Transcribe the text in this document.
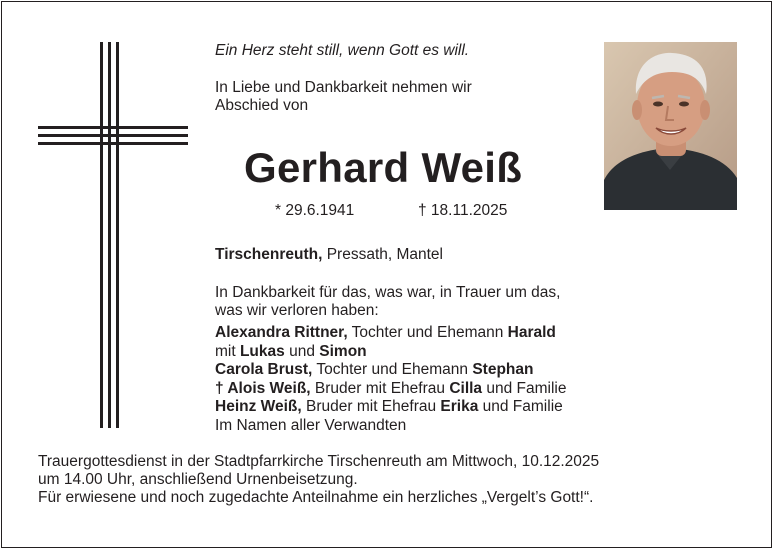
Ein Herz steht still, wenn Gott es will.
In Liebe und Dankbarkeit nehmen wir
Abschied von
Gerhard Weiß
* 29.6.1941	† 18.11.2025
Tirschenreuth, Pressath, Mantel
In Dankbarkeit für das, was war, in Trauer um das,
was wir verloren haben:
Alexandra Rittner, Tochter und Ehemann Harald
mit Lukas und Simon
Carola Brust, Tochter und Ehemann Stephan
† Alois Weiß, Bruder mit Ehefrau Cilla und Familie
Heinz Weiß, Bruder mit Ehefrau Erika und Familie
Im Namen aller Verwandten
Trauergottesdienst in der Stadtpfarrkirche Tirschenreuth am Mittwoch, 10.12.2025
um 14.00 Uhr, anschließend Urnenbeisetzung.
Für erwiesene und noch zugedachte Anteilnahme ein herzliches „Vergelt’s Gott!“.
